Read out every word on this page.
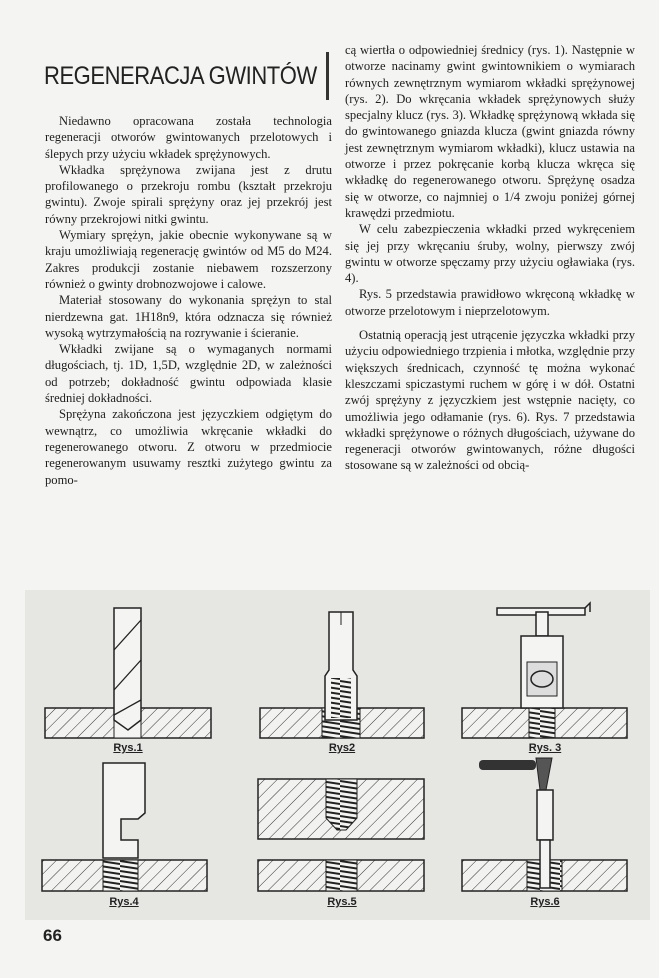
REGENERACJA GWINTÓW

Niedawno opracowana została technologia regeneracji otworów gwintowanych przelotowych i ślepych przy użyciu wkładek sprężynowych.

Wkładka sprężynowa zwijana jest z drutu profilowanego o przekroju rombu (kształt przekroju gwintu). Zwoje spirali sprężyny oraz jej przekrój jest równy przekrojowi nitki gwintu.

Wymiary sprężyn, jakie obecnie wykonywane są w kraju umożliwiają regenerację gwintów od M5 do M24. Zakres produkcji zostanie niebawem rozszerzony również o gwinty drobnozwojowe i calowe.

Materiał stosowany do wykonania sprężyn to stal nierdzewna gat. 1H18n9, która odznacza się również wysoką wytrzymałością na rozrywanie i ścieranie.

Wkładki zwijane są o wymaganych normami długościach, tj. 1D, 1,5D, względnie 2D, w zależności od potrzeb; dokładność gwintu odpowiada klasie średniej dokładności.

Sprężyna zakończona jest języczkiem odgiętym do wewnątrz, co umożliwia wkręcanie wkładki do regenerowanego otworu. Z otworu w przedmiocie regenerowanym usuwamy resztki zużytego gwintu za pomo-

cą wiertła o odpowiedniej średnicy (rys. 1). Następnie w otworze nacinamy gwint gwintownikiem o wymiarach równych zewnętrznym wymiarom wkładki sprężynowej (rys. 2). Do wkręcania wkładek sprężynowych służy specjalny klucz (rys. 3). Wkładkę sprężynową wkłada się do gwintowanego gniazda klucza (gwint gniazda równy jest zewnętrznym wymiarom wkładki), klucz ustawia na otworze i przez pokręcanie korbą klucza wkręca się wkładkę do regenerowanego otworu. Sprężynę osadza się w otworze, co najmniej o 1/4 zwoju poniżej górnej krawędzi przedmiotu.

W celu zabezpieczenia wkładki przed wykręceniem się jej przy wkręcaniu śruby, wolny, pierwszy zwój gwintu w otworze spęczamy przy użyciu ogławiaka (rys. 4).

Rys. 5 przedstawia prawidłowo wkręconą wkładkę w otworze przelotowym i nieprzelotowym.

Ostatnią operacją jest utrącenie języczka wkładki przy użyciu odpowiedniego trzpienia i młotka, względnie przy większych średnicach, czynność tę można wykonać kleszczami spiczastymi ruchem w górę i w dół. Ostatni zwój sprężyny z języczkiem jest wstępnie nacięty, co umożliwia jego odłamanie (rys. 6). Rys. 7 przedstawia wkładki sprężynowe o różnych długościach, używane do regeneracji otworów gwintowanych, różne długości stosowane są w zależności od obcią-

Rys.1	Rys2	Rys. 3
Rys.4	Rys.5	Rys.6
66
